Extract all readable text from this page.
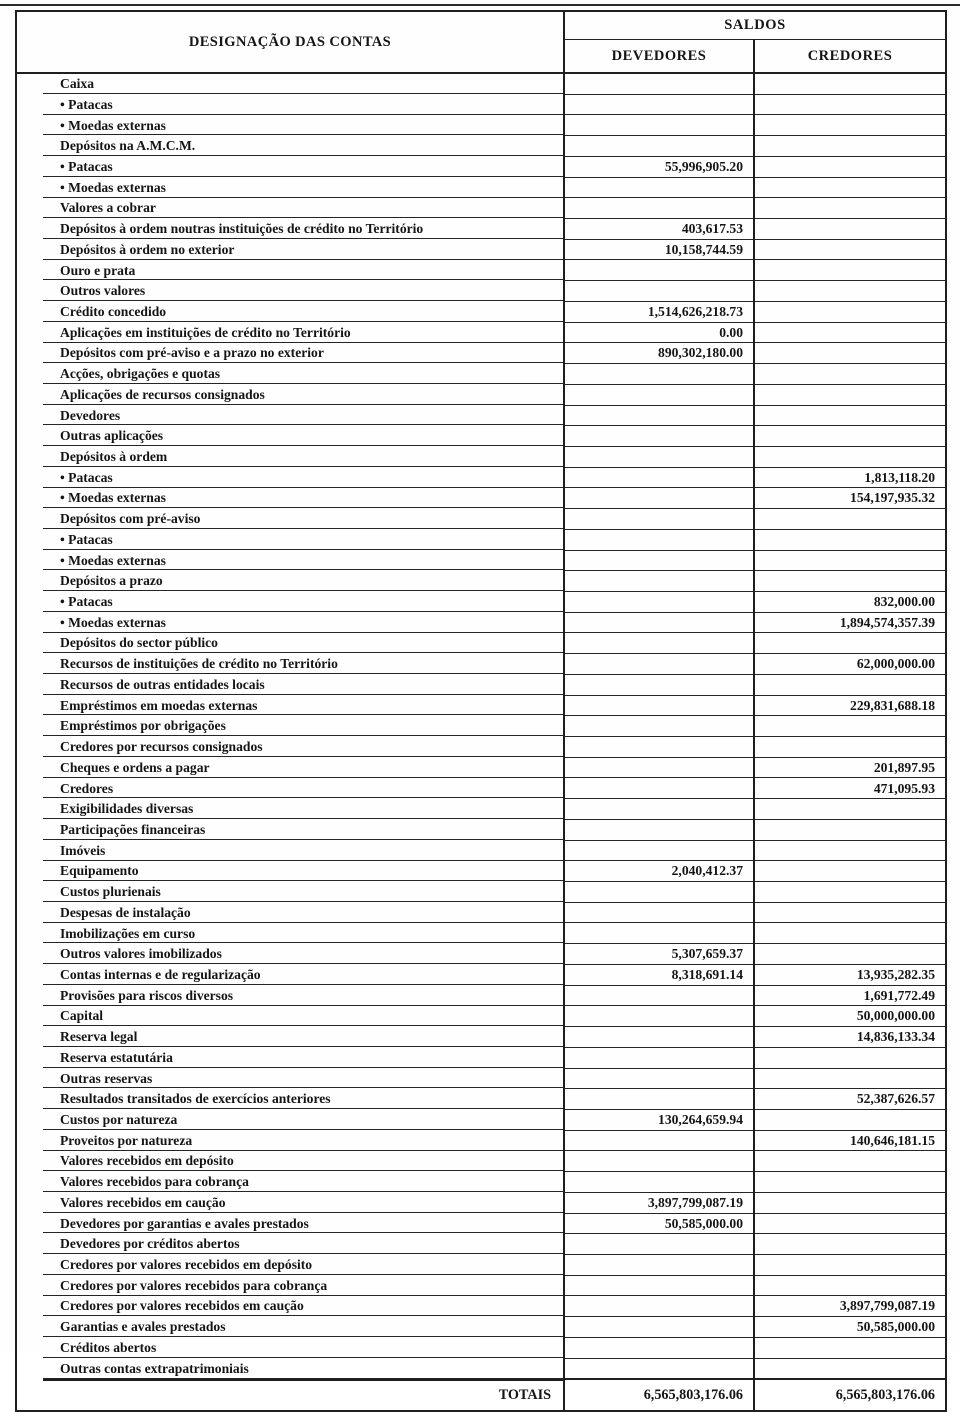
DESIGNAÇÃO DAS CONTAS	SALDOS	
	DEVEDORES	CREDORES
Caixa		
• Patacas		
• Moedas externas		
Depósitos na A.M.C.M.		
• Patacas	55,996,905.20	
• Moedas externas		
Valores a cobrar		
Depósitos à ordem noutras instituições de crédito no Território	403,617.53	
Depósitos à ordem no exterior	10,158,744.59	
Ouro e prata		
Outros valores		
Crédito concedido	1,514,626,218.73	
Aplicações em instituições de crédito no Território	0.00	
Depósitos com pré-aviso e a prazo no exterior	890,302,180.00	
Acções, obrigações e quotas		
Aplicações de recursos consignados		
Devedores		
Outras aplicações		
Depósitos à ordem		
• Patacas		1,813,118.20
• Moedas externas		154,197,935.32
Depósitos com pré-aviso		
• Patacas		
• Moedas externas		
Depósitos a prazo		
• Patacas		832,000.00
• Moedas externas		1,894,574,357.39
Depósitos do sector público		
Recursos de instituições de crédito no Território		62,000,000.00
Recursos de outras entidades locais		
Empréstimos em moedas externas		229,831,688.18
Empréstimos por obrigações		
Credores por recursos consignados		
Cheques e ordens a pagar		201,897.95
Credores		471,095.93
Exigibilidades diversas		
Participações financeiras		
Imóveis		
Equipamento	2,040,412.37	
Custos plurienais		
Despesas de instalação		
Imobilizações em curso		
Outros valores imobilizados	5,307,659.37	
Contas internas e de regularização	8,318,691.14	13,935,282.35
Provisões para riscos diversos		1,691,772.49
Capital		50,000,000.00
Reserva legal		14,836,133.34
Reserva estatutária		
Outras reservas		
Resultados transitados de exercícios anteriores		52,387,626.57
Custos por natureza	130,264,659.94	
Proveitos por natureza		140,646,181.15
Valores recebidos em depósito		
Valores recebidos para cobrança		
Valores recebidos em caução	3,897,799,087.19	
Devedores por garantias e avales prestados	50,585,000.00	
Devedores por créditos abertos		
Credores por valores recebidos em depósito		
Credores por valores recebidos para cobrança		
Credores por valores recebidos em caução		3,897,799,087.19
Garantias e avales prestados		50,585,000.00
Créditos abertos		
Outras contas extrapatrimoniais		
TOTAIS	6,565,803,176.06	6,565,803,176.06
